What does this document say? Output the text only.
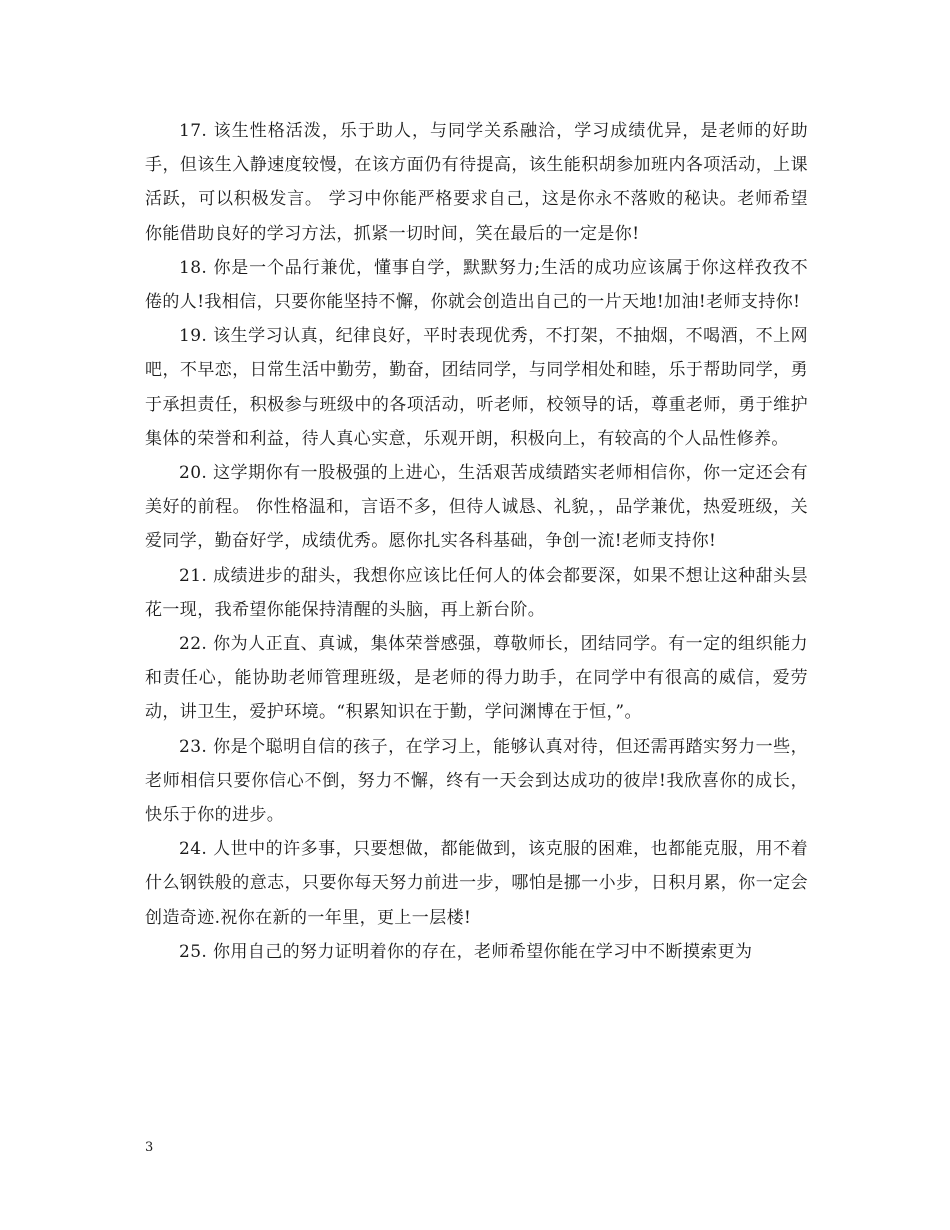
17. 该生性格活泼，乐于助人，与同学关系融洽，学习成绩优异，是老师的好助手，但该生入静速度较慢，在该方面仍有待提高，该生能积胡参加班内各项活动，上课活跃，可以积极发言。 学习中你能严格要求自己，这是你永不落败的秘诀。老师希望你能借助良好的学习方法，抓紧一切时间，笑在最后的一定是你!

18. 你是一个品行兼优，懂事自学，默默努力;生活的成功应该属于你这样孜孜不倦的人!我相信，只要你能坚持不懈，你就会创造出自己的一片天地!加油!老师支持你!

19. 该生学习认真，纪律良好，平时表现优秀，不打架，不抽烟，不喝酒，不上网吧，不早恋，日常生活中勤劳，勤奋，团结同学，与同学相处和睦，乐于帮助同学，勇于承担责任，积极参与班级中的各项活动，听老师，校领导的话，尊重老师，勇于维护集体的荣誉和利益，待人真心实意，乐观开朗，积极向上，有较高的个人品性修养。

20. 这学期你有一股极强的上进心，生活艰苦成绩踏实老师相信你，你一定还会有美好的前程。 你性格温和，言语不多，但待人诚恳、礼貌，，品学兼优，热爱班级，关爱同学，勤奋好学，成绩优秀。愿你扎实各科基础，争创一流!老师支持你!

21. 成绩进步的甜头，我想你应该比任何人的体会都要深，如果不想让这种甜头昙花一现，我希望你能保持清醒的头脑，再上新台阶。

22. 你为人正直、真诚，集体荣誉感强，尊敬师长，团结同学。有一定的组织能力和责任心，能协助老师管理班级，是老师的得力助手，在同学中有很高的威信，爱劳动，讲卫生，爱护环境。“积累知识在于勤，学问渊博在于恒，”。

23. 你是个聪明自信的孩子，在学习上，能够认真对待，但还需再踏实努力一些，老师相信只要你信心不倒，努力不懈，终有一天会到达成功的彼岸!我欣喜你的成长，快乐于你的进步。

24. 人世中的许多事，只要想做，都能做到，该克服的困难，也都能克服，用不着什么钢铁般的意志，只要你每天努力前进一步，哪怕是挪一小步，日积月累，你一定会创造奇迹.祝你在新的一年里，更上一层楼!

25. 你用自己的努力证明着你的存在，老师希望你能在学习中不断摸索更为

3
